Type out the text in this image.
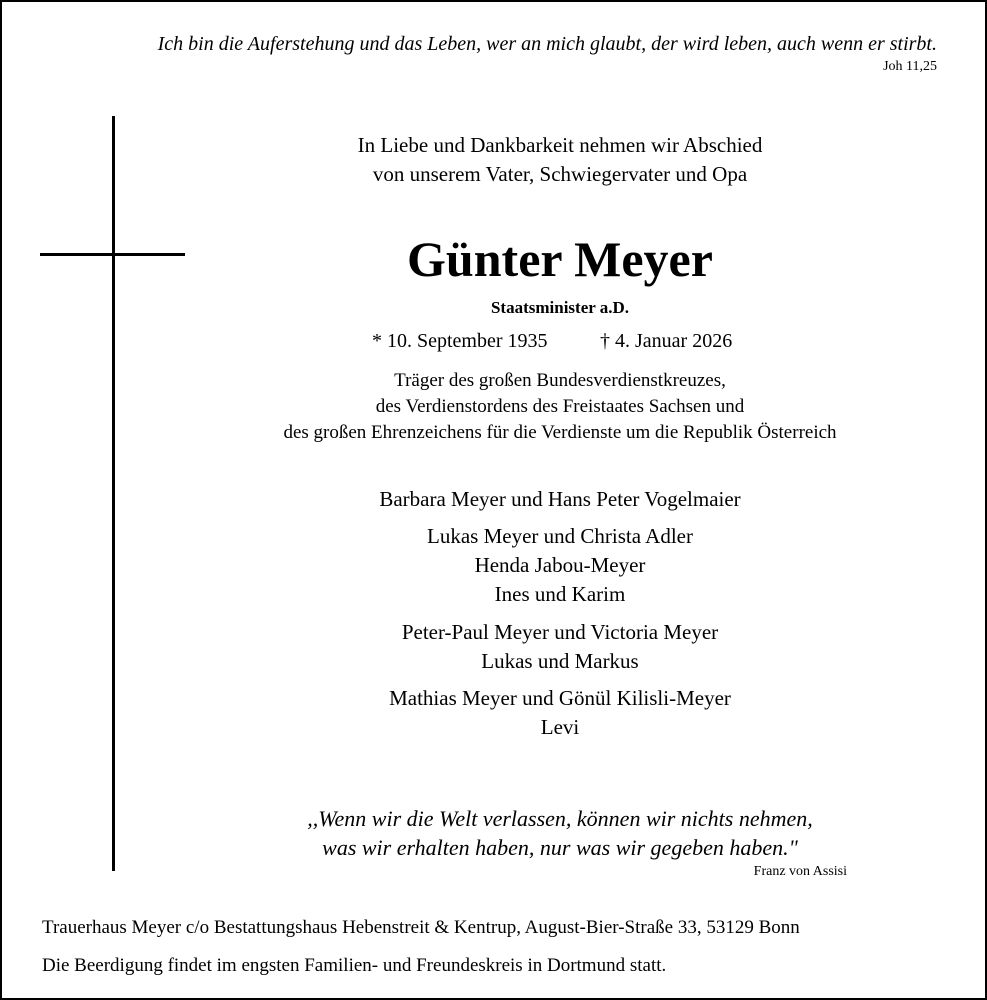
Ich bin die Auferstehung und das Leben, wer an mich glaubt, der wird leben, auch wenn er stirbt.
Joh 11,25
In Liebe und Dankbarkeit nehmen wir Abschied
von unserem Vater, Schwiegervater und Opa
Günter Meyer
Staatsminister a.D.
* 10. September 1935	† 4. Januar 2026
Träger des großen Bundesverdienstkreuzes,
des Verdienstordens des Freistaates Sachsen und
des großen Ehrenzeichens für die Verdienste um die Republik Österreich
Barbara Meyer und Hans Peter Vogelmaier
Lukas Meyer und Christa Adler
Henda Jabou-Meyer
Ines und Karim
Peter-Paul Meyer und Victoria Meyer
Lukas und Markus
Mathias Meyer und Gönül Kilisli-Meyer
Levi
,,Wenn wir die Welt verlassen, können wir nichts nehmen,
was wir erhalten haben, nur was wir gegeben haben."
Franz von Assisi
Trauerhaus Meyer c/o Bestattungshaus Hebenstreit & Kentrup, August-Bier-Straße 33, 53129 Bonn
Die Beerdigung findet im engsten Familien- und Freundeskreis in Dortmund statt.
